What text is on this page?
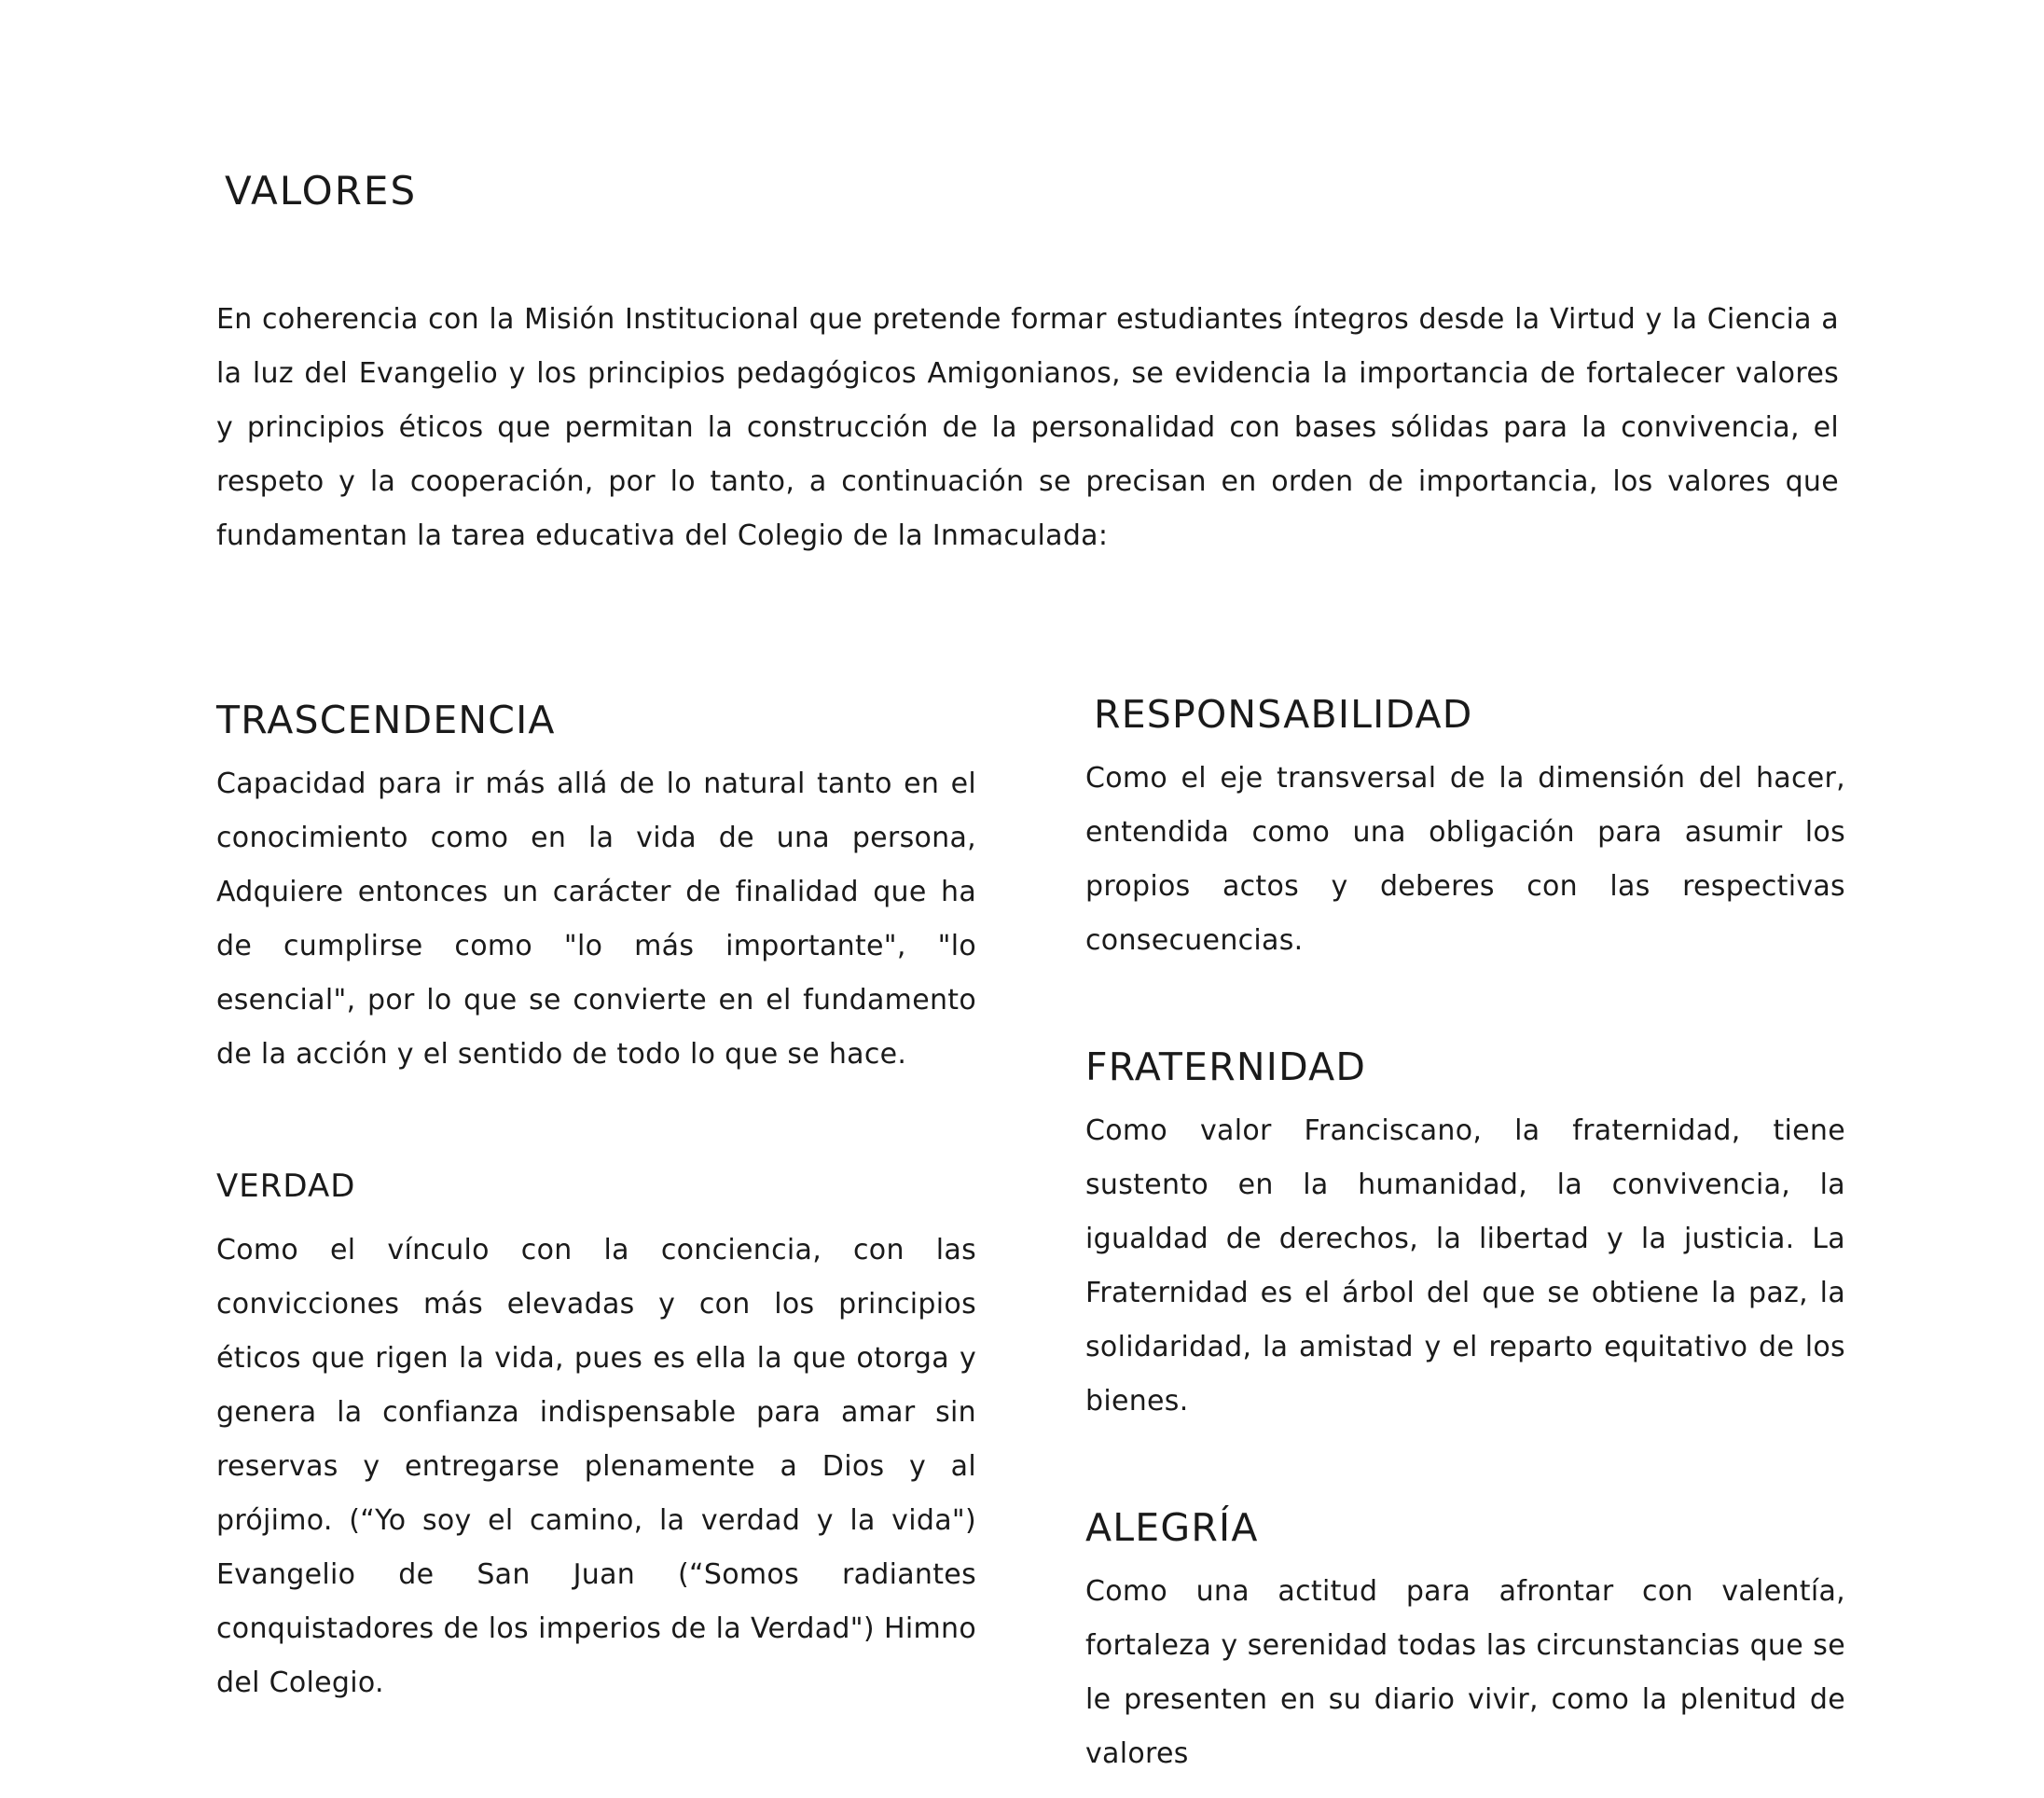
VALORES

En coherencia con la Misión Institucional que pretende formar estudiantes íntegros desde la Virtud y la Ciencia a la luz del Evangelio y los principios pedagógicos Amigonianos, se evidencia la importancia de fortalecer valores y principios éticos que permitan la construcción de la personalidad con bases sólidas para la convivencia, el respeto y la cooperación, por lo tanto, a continuación se precisan en orden de importancia, los valores que fundamentan la tarea educativa del Colegio de la Inmaculada:

TRASCENDENCIA

Capacidad para ir más allá de lo natural tanto en el conocimiento como en la vida de una persona, Adquiere entonces un carácter de finalidad que ha de cumplirse como "lo más importante", "lo esencial", por lo que se convierte en el fundamento de la acción y el sentido de todo lo que se hace.

VERDAD

Como el vínculo con la conciencia, con las convicciones más elevadas y con los principios éticos que rigen la vida, pues es ella la que otorga y genera la confianza indispensable para amar sin reservas y entregarse plenamente a Dios y al prójimo. (“Yo soy el camino, la verdad y la vida") Evangelio de San Juan (“Somos radiantes conquistadores de los imperios de la Verdad") Himno del Colegio.

RESPONSABILIDAD

Como el eje transversal de la dimensión del hacer, entendida como una obligación para asumir los propios actos y deberes con las respectivas consecuencias.

FRATERNIDAD

Como valor Franciscano, la fraternidad, tiene sustento en la humanidad, la convivencia, la igualdad de derechos, la libertad y la justicia. La Fraternidad es el árbol del que se obtiene la paz, la solidaridad, la amistad y el reparto equitativo de los bienes.

ALEGRÍA

Como una actitud para afrontar con valentía, fortaleza y serenidad todas las circunstancias que se le presenten en su diario vivir, como la plenitud de valores
